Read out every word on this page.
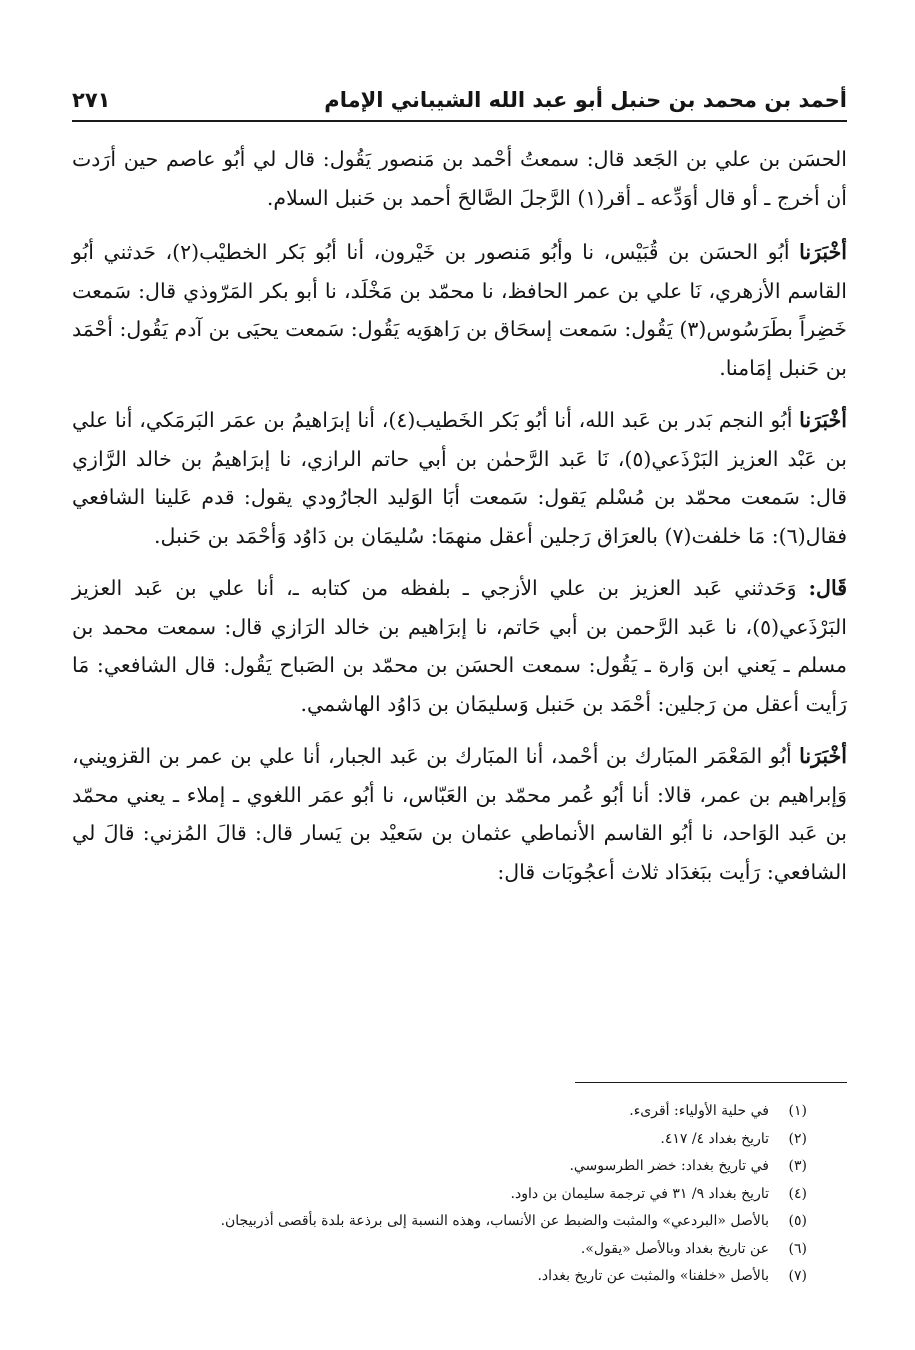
أحمد بن محمد بن حنبل أبو عبد الله الشيباني الإمام
٢٧١

الحسَن بن علي بن الجَعد قال: سمعتُ أحْمد بن مَنصور يَقُول: قال لي أبُو عاصم حين أرَدت أن أخرج ـ أو قال أوَدِّعه ـ أقر(١) الرَّجلَ الصَّالحَ أحمد بن حَنبل السلام.

أخْبَرَنا أبُو الحسَن بن قُبَيْس، نا وأبُو مَنصور بن خَيْرون، أنا أبُو بَكر الخطيْب(٢)، حَدثني أبُو القاسم الأزهري، نَا علي بن عمر الحافظ، نا محمّد بن مَخْلَد، نا أبو بكر المَرّوذي قال: سَمعت خَضِراً بطَرَسُوس(٣) يَقُول: سَمعت إسحَاق بن رَاهوَيه يَقُول: سَمعت يحيَى بن آدم يَقُول: أحْمَد بن حَنبل إمَامنا.

أخْبَرَنا أبُو النجم بَدر بن عَبد الله، أنا أبُو بَكر الخَطيب(٤)، أنا إبرَاهيمُ بن عمَر البَرمَكي، أنا علي بن عَبْد العزيز البَرْذَعي(٥)، نَا عَبد الرَّحمٰن بن أبي حاتم الرازي، نا إبرَاهيمُ بن خالد الرَّازي قال: سَمعت محمّد بن مُسْلم يَقول: سَمعت أبَا الوَليد الجارُودي يقول: قدم عَلينا الشافعي فقال(٦): مَا خلفت(٧) بالعرَاق رَجلين أعقل منهمَا: سُليمَان بن دَاوُد وَأحْمَد بن حَنبل.

قَال: وَحَدثني عَبد العزيز بن علي الأزجي ـ بلفظه من كتابه ـ، أنا علي بن عَبد العزيز البَرْذَعي(٥)، نا عَبد الرَّحمن بن أبي حَاتم، نا إبرَاهيم بن خالد الرَازي قال: سمعت محمد بن مسلم ـ يَعني ابن وَارة ـ يَقُول: سمعت الحسَن بن محمّد بن الصَباح يَقُول: قال الشافعي: مَا رَأيت أعقل من رَجلين: أحْمَد بن حَنبل وَسليمَان بن دَاوُد الهاشمي.

أخْبَرَنا أبُو المَعْمَر المبَارك بن أحْمد، أنا المبَارك بن عَبد الجبار، أنا علي بن عمر بن القزويني، وَإبراهيم بن عمر، قالا: أنا أبُو عُمر محمّد بن العَبّاس، نا أبُو عمَر اللغوي ـ إملاء ـ يعني محمّد بن عَبد الوَاحد، نا أبُو القاسم الأنماطي عثمان بن سَعيْد بن يَسار قال: قالَ المُزني: قالَ لي الشافعي: رَأيت ببَغدَاد ثلاث أعجُوبَات قال:

(١)
في حلية الأولياء: أقرىء.
(٢)
تاريخ بغداد ٤/ ٤١٧.
(٣)
في تاريخ بغداد: خضر الطرسوسي.
(٤)
تاريخ بغداد ٩/ ٣١ في ترجمة سليمان بن داود.
(٥)
بالأصل «البردعي» والمثبت والضبط عن الأنساب، وهذه النسبة إلى برذعة بلدة بأقصى أذربيجان.
(٦)
عن تاريخ بغداد وبالأصل «يقول».
(٧)
بالأصل «خلفنا» والمثبت عن تاريخ بغداد.
